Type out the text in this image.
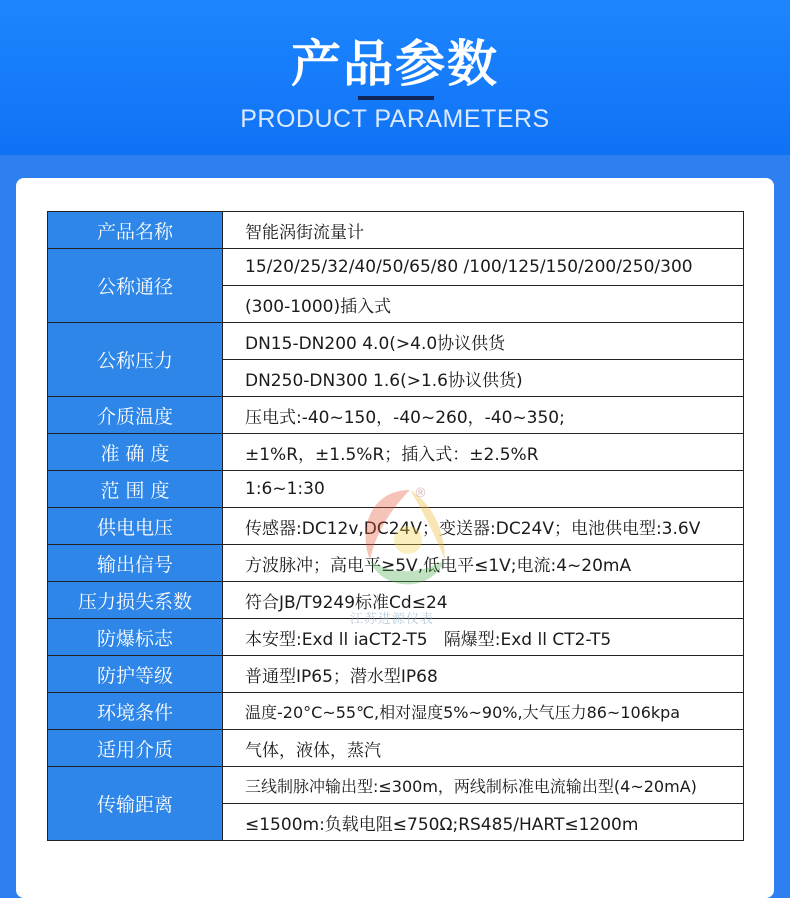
产品参数
PRODUCT PARAMETERS
产品名称	智能涡街流量计
公称通径	15/20/25/32/40/50/65/80 /100/125/150/200/250/300
	(300-1000)插入式
公称压力	DN15-DN200 4.0(>4.0协议供货
	DN250-DN300 1.6(>1.6协议供货)
介质温度	压电式:-40~150，-40~260，-40~350;
准 确 度	±1%R，±1.5%R；插入式：±2.5%R
范 围 度	1:6~1:30
供电电压	传感器:DC12v,DC24V；变送器:DC24V；电池供电型:3.6V
输出信号	方波脉冲；高电平≥5V,低电平≤1V;电流:4~20mA
压力损失系数	符合JB/T9249标准Cd≤24
防爆标志	本安型:Exd ll iaCT2-T5   隔爆型:Exd ll CT2-T5
防护等级	普通型IP65；潜水型IP68
环境条件	温度-20°C~55℃,相对湿度5%~90%,大气压力86~106kpa
适用介质	气体，液体，蒸汽
传输距离	三线制脉冲输出型:≤300m，两线制标准电流输出型(4~20mA)
	≤1500m:负载电阻≤750Ω;RS485/HART≤1200m
®
江苏进源仪表
